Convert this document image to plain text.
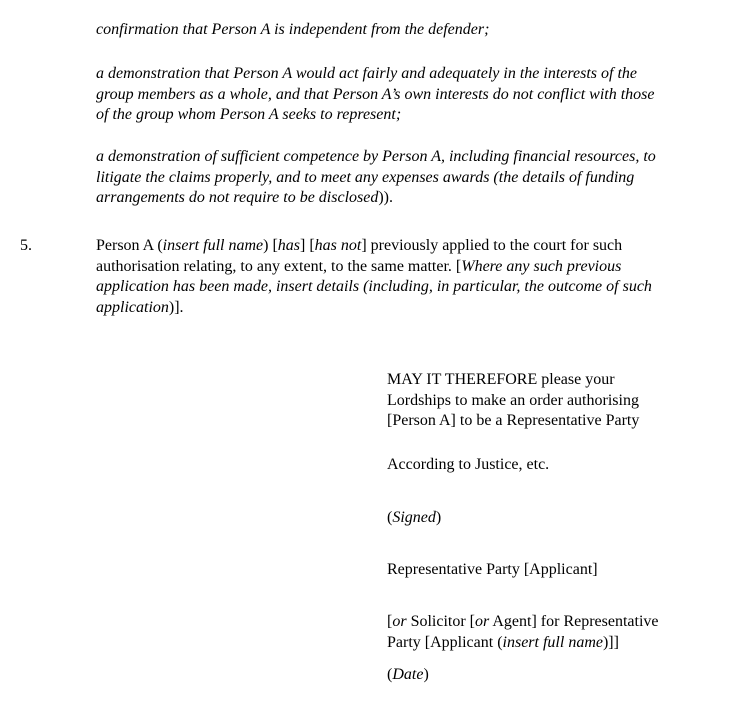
confirmation that Person A is independent from the defender;

a demonstration that Person A would act fairly and adequately in the interests of the
group members as a whole, and that Person A’s own interests do not conflict with those
of the group whom Person A seeks to represent;

a demonstration of sufficient competence by Person A, including financial resources, to
litigate the claims properly, and to meet any expenses awards (the details of funding
arrangements do not require to be disclosed)).

5.	Person A (insert full name) [has] [has not] previously applied to the court for such
authorisation relating, to any extent, to the same matter. [Where any such previous
application has been made, insert details (including, in particular, the outcome of such
application)].

MAY IT THEREFORE please your
Lordships to make an order authorising
[Person A] to be a Representative Party

According to Justice, etc.

(Signed)

Representative Party [Applicant]

[or Solicitor [or Agent] for Representative
Party [Applicant (insert full name)]]

(Date)
